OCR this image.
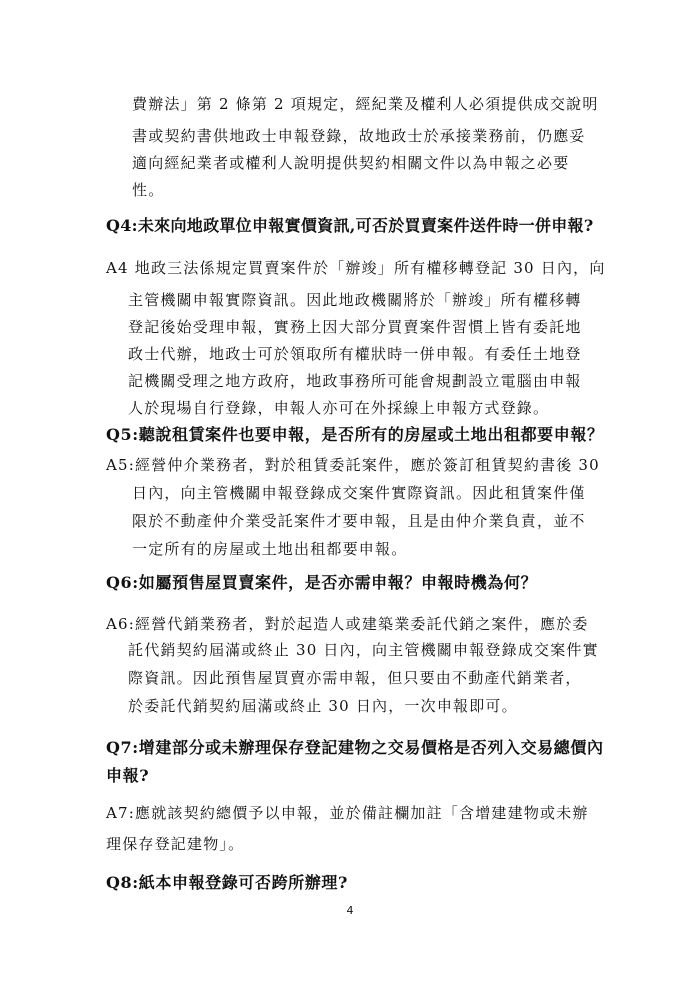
費辦法」第 2 條第 2 項規定，經紀業及權利人必須提供成交說明
書或契約書供地政士申報登錄，故地政士於承接業務前，仍應妥
適向經紀業者或權利人說明提供契約相關文件以為申報之必要
性。
Q4:未來向地政單位申報實價資訊,可否於買賣案件送件時一併申報?
A4 地政三法係規定買賣案件於「辦竣」所有權移轉登記 30 日內，向
主管機關申報實際資訊。因此地政機關將於「辦竣」所有權移轉
登記後始受理申報，實務上因大部分買賣案件習慣上皆有委託地
政士代辦，地政士可於領取所有權狀時一併申報。有委任土地登
記機關受理之地方政府，地政事務所可能會規劃設立電腦由申報
人於現場自行登錄，申報人亦可在外採線上申報方式登錄。
Q5:聽說租賃案件也要申報，是否所有的房屋或土地出租都要申報？
A5:經營仲介業務者，對於租賃委託案件，應於簽訂租賃契約書後 30
日內，向主管機關申報登錄成交案件實際資訊。因此租賃案件僅
限於不動產仲介業受託案件才要申報，且是由仲介業負責，並不
一定所有的房屋或土地出租都要申報。
Q6:如屬預售屋買賣案件，是否亦需申報？申報時機為何？
A6:經營代銷業務者，對於起造人或建築業委託代銷之案件，應於委
託代銷契約屆滿或終止 30 日內，向主管機關申報登錄成交案件實
際資訊。因此預售屋買賣亦需申報，但只要由不動產代銷業者，
於委託代銷契約屆滿或終止 30 日內，一次申報即可。
Q7:增建部分或未辦理保存登記建物之交易價格是否列入交易總價內
申報?
A7:應就該契約總價予以申報，並於備註欄加註「含增建建物或未辦
理保存登記建物」。
Q8:紙本申報登錄可否跨所辦理?
4
